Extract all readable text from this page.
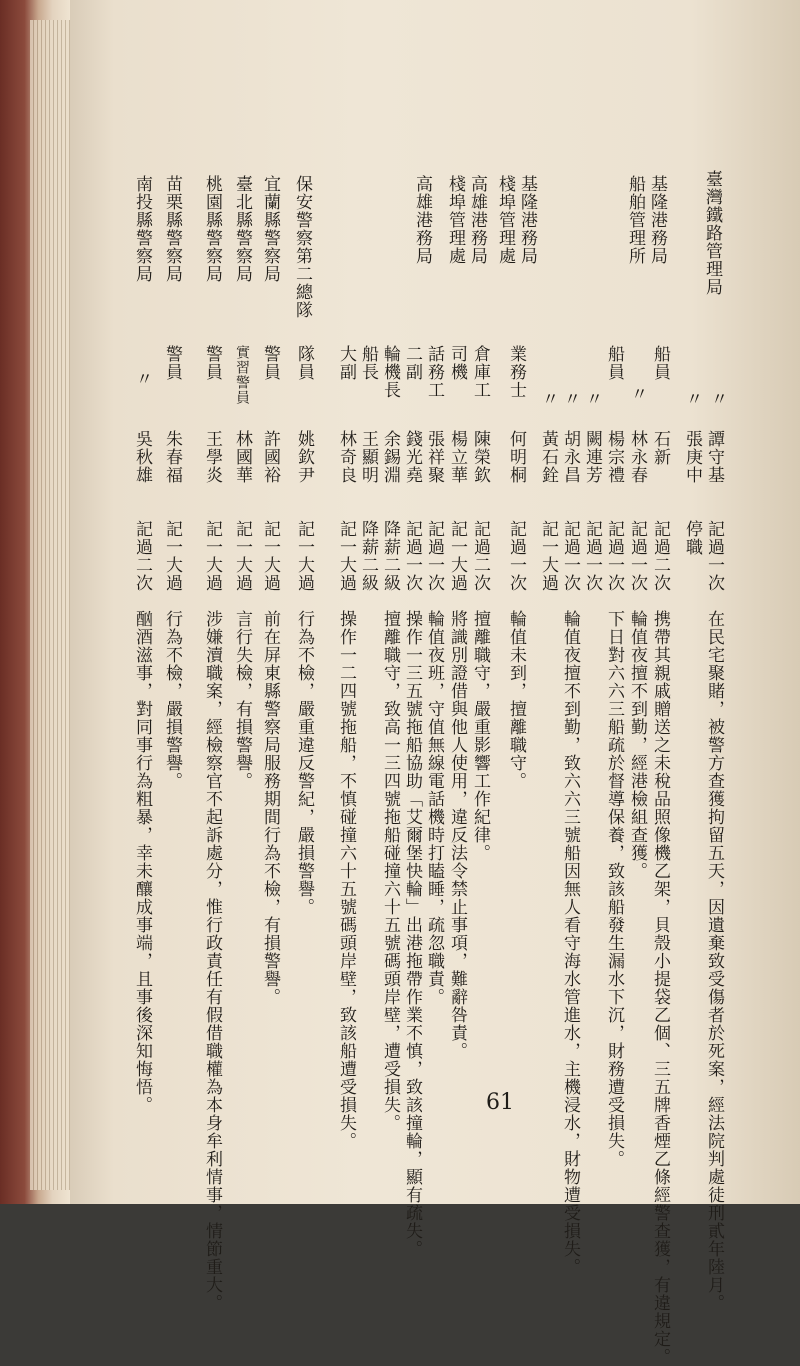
臺灣鐵路管理局
〃
譚守基
記過一次
在民宅聚賭，被警方查獲拘留五天，因遺棄致受傷者於死案，經法院判處徒刑貳年陸月。
〃
張庚中
停職
基隆港務局
船員
石新
記過二次
携帶其親戚贈送之未稅品照像機乙架，貝殼小提袋乙個、三五牌香煙乙條經警查獲，有違規定。
船舶管理所
〃
林永春
記過一次
輪值夜擅不到勤，經港檢組查獲。
船員
楊宗禮
記過一次
下日對六六三船疏於督導保養，致該船發生漏水下沉，財務遭受損失。
〃
闕連芳
記過一次
〃
胡永昌
記過一次
輪值夜擅不到勤，致六六三號船因無人看守海水管進水，主機浸水，財物遭受損失。
〃
黃石銓
記一大過
基隆港務局
棧埠管理處
業務士
何明桐
記過一次
輪值未到，擅離職守。
高雄港務局
棧埠管理處
倉庫工
陳榮欽
記過二次
擅離職守，嚴重影響工作紀律。
司機
楊立華
記一大過
將識別證借與他人使用，違反法令禁止事項，難辭咎責。
高雄港務局
話務工
張祥聚
記過一次
輪值夜班，守值無線電話機時打瞌睡，疏忽職責。
二副
錢光堯
記過一次
操作一三五號拖船協助「艾爾堡快輪」出港拖帶作業不慎，致該撞輪，顯有疏失。
輪機長
余錫淵
降薪二級
擅離職守，致高一三四號拖船碰撞六十五號碼頭岸壁，遭受損失。
船長
王顯明
降薪二級
大副
林奇良
記一大過
操作一二四號拖船，不慎碰撞六十五號碼頭岸壁，致該船遭受損失。
保安警察第二總隊
隊員
姚欽尹
記一大過
行為不檢，嚴重違反警紀，嚴損警譽。
宜蘭縣警察局
警員
許國裕
記一大過
前在屏東縣警察局服務期間行為不檢，有損警譽。
臺北縣警察局
實習警員
林國華
記一大過
言行失檢，有損警譽。
桃園縣警察局
警員
王學炎
記一大過
涉嫌瀆職案，經檢察官不起訴處分，惟行政責任有假借職權為本身牟利情事，情節重大。
苗栗縣警察局
警員
朱春福
記一大過
行為不檢，嚴損警譽。
南投縣警察局
〃
吳秋雄
記過二次
酗酒滋事，對同事行為粗暴，幸未釀成事端，且事後深知悔悟。	61
